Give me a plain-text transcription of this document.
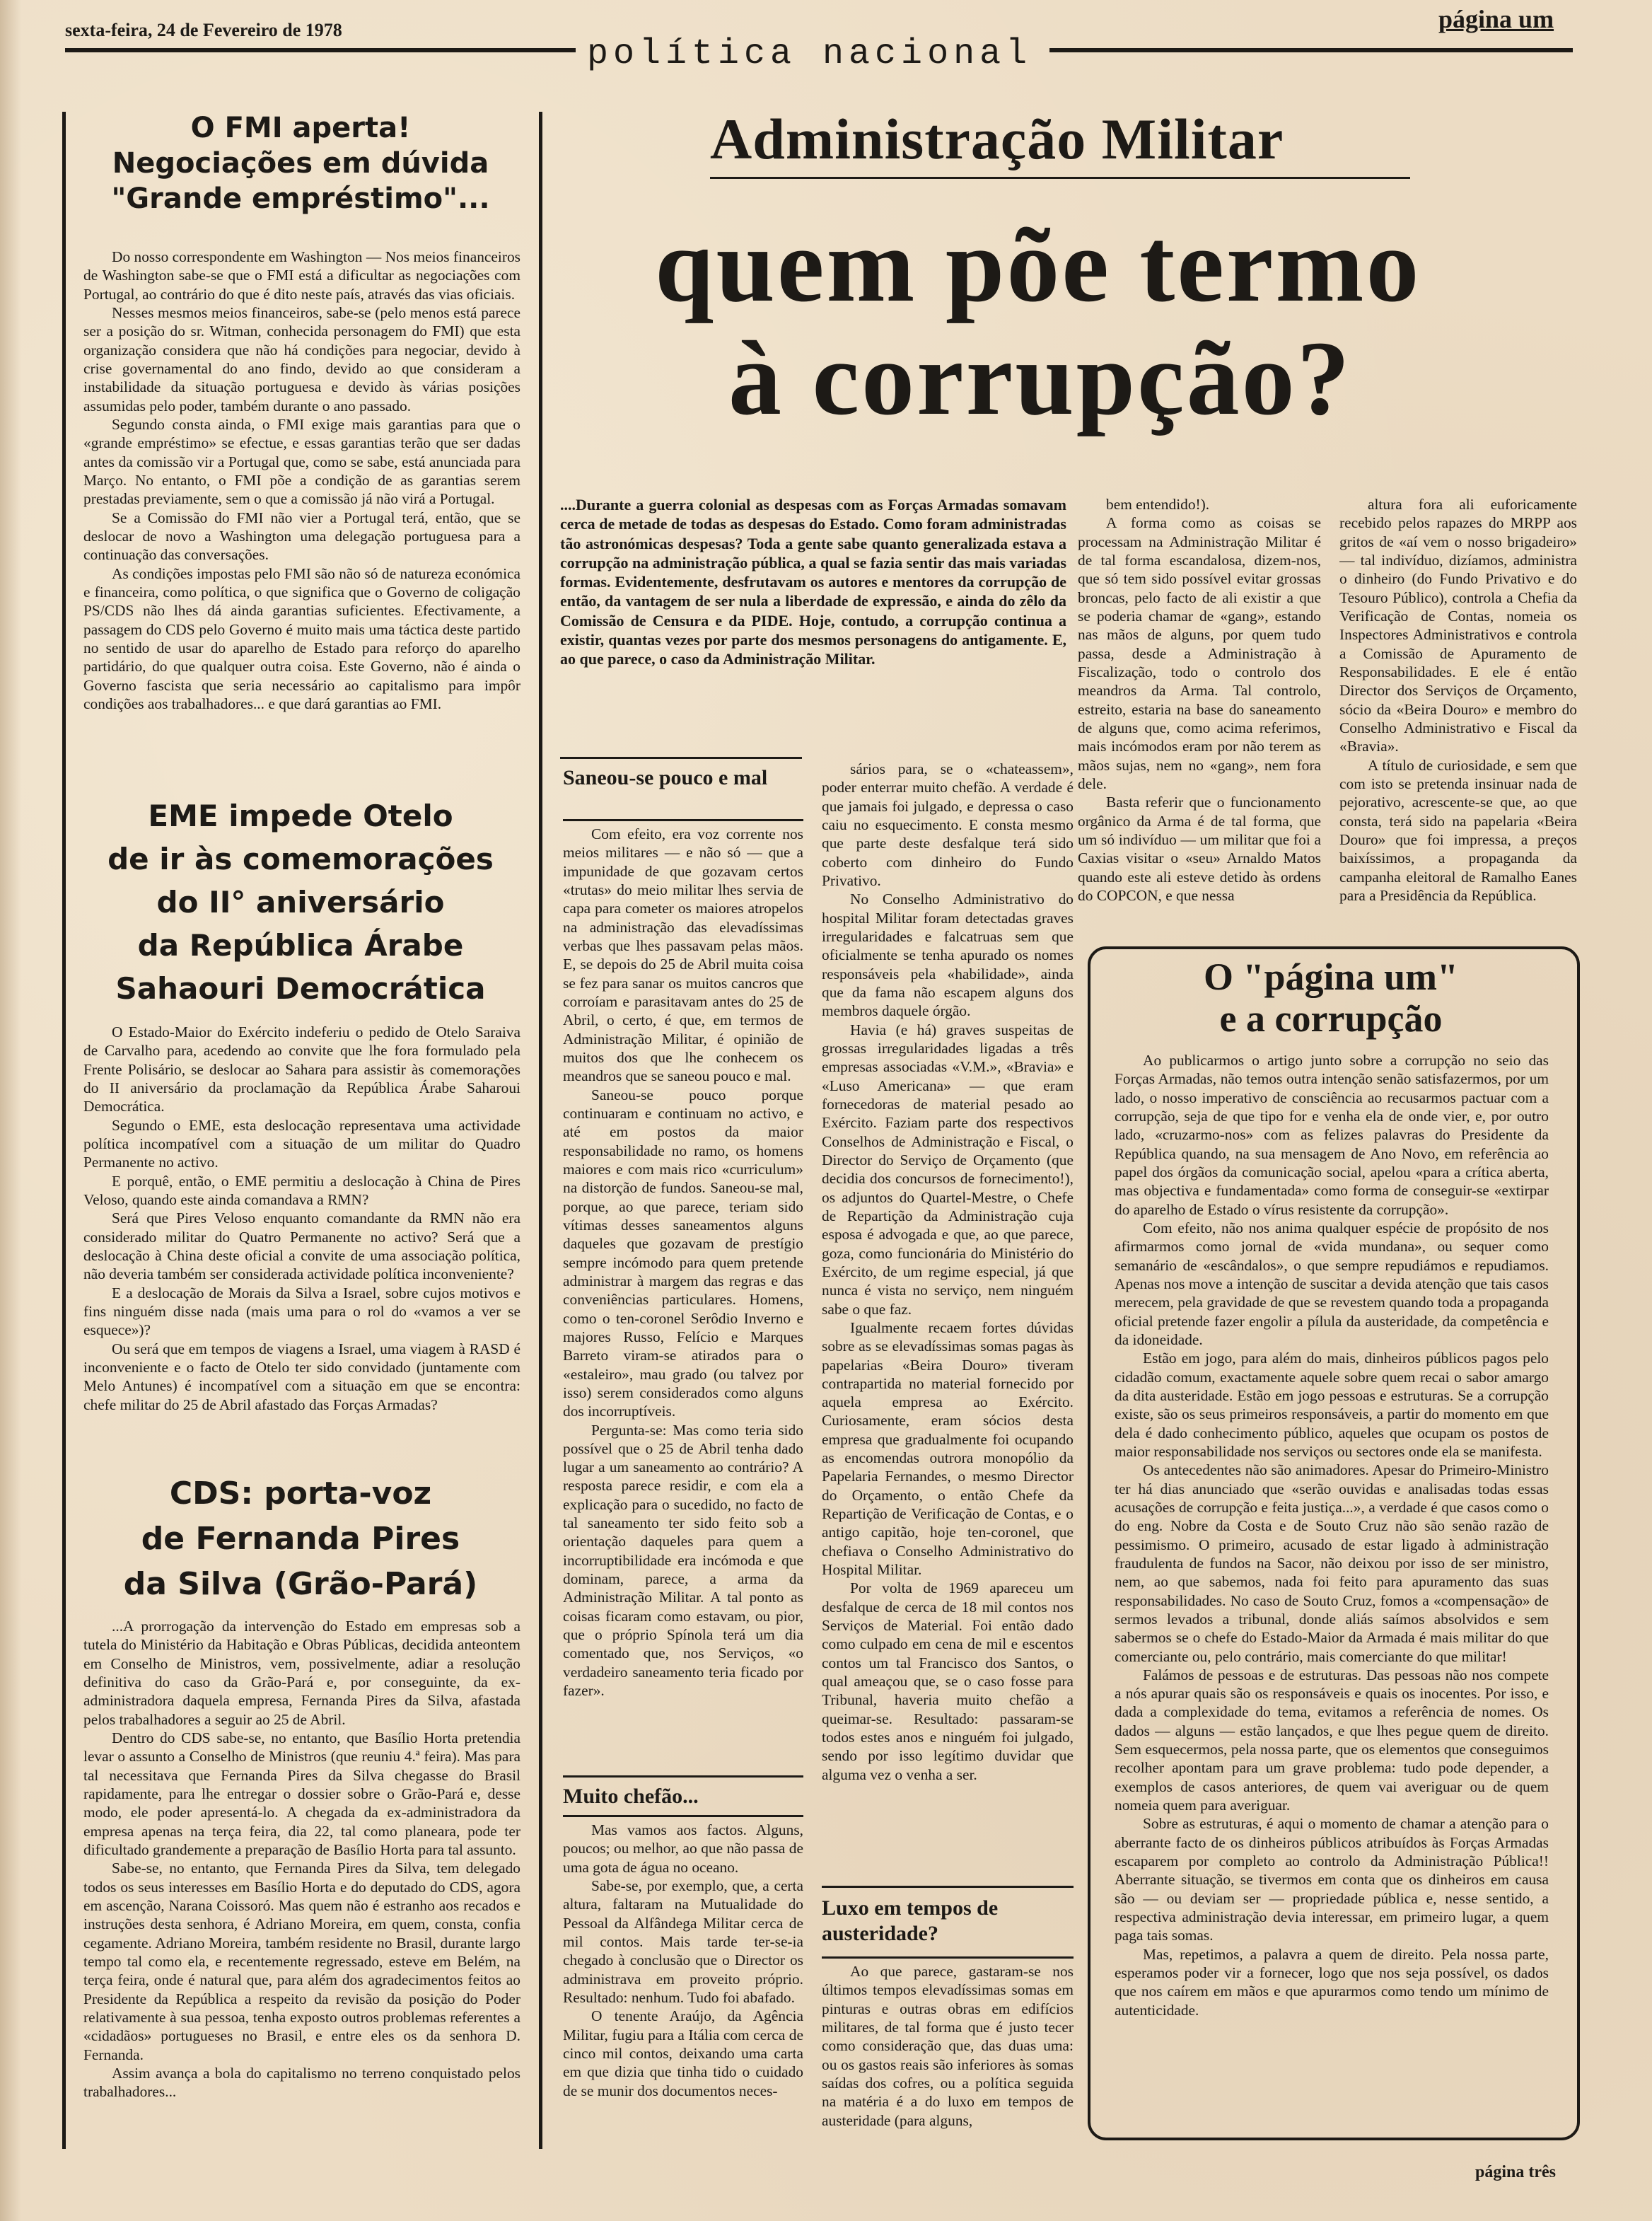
sexta-feira, 24 de Fevereiro de 1978	página um
política nacional
O FMI aperta!
Negociações em dúvida
"Grande empréstimo"...

Do nosso correspondente em Washington — Nos meios financeiros de Washington sabe-se que o FMI está a dificultar as negociações com Portugal, ao contrário do que é dito neste país, através das vias oficiais.

Nesses mesmos meios financeiros, sabe-se (pelo menos está parece ser a posição do sr. Witman, conhecida personagem do FMI) que esta organização considera que não há condições para negociar, devido à crise governamental do ano findo, devido ao que consideram a instabilidade da situação portuguesa e devido às várias posições assumidas pelo poder, também durante o ano passado.

Segundo consta ainda, o FMI exige mais garantias para que o «grande empréstimo» se efectue, e essas garantias terão que ser dadas antes da comissão vir a Portugal que, como se sabe, está anunciada para Março. No entanto, o FMI põe a condição de as garantias serem prestadas previamente, sem o que a comissão já não virá a Portugal.

Se a Comissão do FMI não vier a Portugal terá, então, que se deslocar de novo a Washington uma delegação portuguesa para a continuação das conversações.

As condições impostas pelo FMI são não só de natureza económica e financeira, como política, o que significa que o Governo de coligação PS/CDS não lhes dá ainda garantias suficientes. Efectivamente, a passagem do CDS pelo Governo é muito mais uma táctica deste partido no sentido de usar do aparelho de Estado para reforço do aparelho partidário, do que qualquer outra coisa. Este Governo, não é ainda o Governo fascista que seria necessário ao capitalismo para impôr condições aos trabalhadores... e que dará garantias ao FMI.

EME impede Otelo
de ir às comemorações
do II° aniversário
da República Árabe
Sahaouri Democrática

O Estado-Maior do Exército indeferiu o pedido de Otelo Saraiva de Carvalho para, acedendo ao convite que lhe fora formulado pela Frente Polisário, se deslocar ao Sahara para assistir às comemorações do II aniversário da proclamação da República Árabe Saharoui Democrática.

Segundo o EME, esta deslocação representava uma actividade política incompatível com a situação de um militar do Quadro Permanente no activo.

E porquê, então, o EME permitiu a deslocação à China de Pires Veloso, quando este ainda comandava a RMN?

Será que Pires Veloso enquanto comandante da RMN não era considerado militar do Quatro Permanente no activo? Será que a deslocação à China deste oficial a convite de uma associação política, não deveria também ser considerada actividade política inconveniente?

E a deslocação de Morais da Silva a Israel, sobre cujos motivos e fins ninguém disse nada (mais uma para o rol do «vamos a ver se esquece»)?

Ou será que em tempos de viagens a Israel, uma viagem à RASD é inconveniente e o facto de Otelo ter sido convidado (juntamente com Melo Antunes) é incompatível com a situação em que se encontra: chefe militar do 25 de Abril afastado das Forças Armadas?

CDS: porta-voz
de Fernanda Pires
da Silva (Grão-Pará)

...A prorrogação da intervenção do Estado em empresas sob a tutela do Ministério da Habitação e Obras Públicas, decidida anteontem em Conselho de Ministros, vem, possivelmente, adiar a resolução definitiva do caso da Grão-Pará e, por conseguinte, da ex-administradora daquela empresa, Fernanda Pires da Silva, afastada pelos trabalhadores a seguir ao 25 de Abril.

Dentro do CDS sabe-se, no entanto, que Basílio Horta pretendia levar o assunto a Conselho de Ministros (que reuniu 4.ª feira). Mas para tal necessitava que Fernanda Pires da Silva chegasse do Brasil rapidamente, para lhe entregar o dossier sobre o Grão-Pará e, desse modo, ele poder apresentá-lo. A chegada da ex-administradora da empresa apenas na terça feira, dia 22, tal como planeara, pode ter dificultado grandemente a preparação de Basílio Horta para tal assunto.

Sabe-se, no entanto, que Fernanda Pires da Silva, tem delegado todos os seus interesses em Basílio Horta e do deputado do CDS, agora em ascenção, Narana Coissoró. Mas quem não é estranho aos recados e instruções desta senhora, é Adriano Moreira, em quem, consta, confia cegamente. Adriano Moreira, também residente no Brasil, durante largo tempo tal como ela, e recentemente regressado, esteve em Belém, na terça feira, onde é natural que, para além dos agradecimentos feitos ao Presidente da República a respeito da revisão da posição do Poder relativamente à sua pessoa, tenha exposto outros problemas referentes a «cidadãos» portugueses no Brasil, e entre eles os da senhora D. Fernanda.

Assim avança a bola do capitalismo no terreno conquistado pelos trabalhadores...

Administração Militar
quem põe termo
à corrupção?
....Durante a guerra colonial as despesas com as Forças Armadas somavam cerca de metade de todas as despesas do Estado. Como foram administradas tão astronómicas despesas? Toda a gente sabe quanto generalizada estava a corrupção na administração pública, a qual se fazia sentir das mais variadas formas. Evidentemente, desfrutavam os autores e mentores da corrupção de então, da vantagem de ser nula a liberdade de expressão, e ainda do zêlo da Comissão de Censura e da PIDE. Hoje, contudo, a corrupção continua a existir, quantas vezes por parte dos mesmos personagens do antigamente. E, ao que parece, o caso da Administração Militar.
Saneou-se pouco e mal

Com efeito, era voz corrente nos meios militares — e não só — que a impunidade de que gozavam certos «trutas» do meio militar lhes servia de capa para cometer os maiores atropelos na administração das elevadíssimas verbas que lhes passavam pelas mãos. E, se depois do 25 de Abril muita coisa se fez para sanar os muitos cancros que corroíam e parasitavam antes do 25 de Abril, o certo, é que, em termos de Administração Militar, é opinião de muitos dos que lhe conhecem os meandros que se saneou pouco e mal.

Saneou-se pouco porque continuaram e continuam no activo, e até em postos da maior responsabilidade no ramo, os homens maiores e com mais rico «curriculum» na distorção de fundos. Saneou-se mal, porque, ao que parece, teriam sido vítimas desses saneamentos alguns daqueles que gozavam de prestígio sempre incómodo para quem pretende administrar à margem das regras e das conveniências particulares. Homens, como o ten-coronel Serôdio Inverno e majores Russo, Felício e Marques Barreto viram-se atirados para o «estaleiro», mau grado (ou talvez por isso) serem considerados como alguns dos incorruptíveis.

Pergunta-se: Mas como teria sido possível que o 25 de Abril tenha dado lugar a um saneamento ao contrário? A resposta parece residir, e com ela a explicação para o sucedido, no facto de tal saneamento ter sido feito sob a orientação daqueles para quem a incorruptibilidade era incómoda e que dominam, parece, a arma da Administração Militar. A tal ponto as coisas ficaram como estavam, ou pior, que o próprio Spínola terá um dia comentado que, nos Serviços, «o verdadeiro saneamento teria ficado por fazer».

Muito chefão...

Mas vamos aos factos. Alguns, poucos; ou melhor, ao que não passa de uma gota de água no oceano.

Sabe-se, por exemplo, que, a certa altura, faltaram na Mutualidade do Pessoal da Alfândega Militar cerca de mil contos. Mais tarde ter-se-ia chegado à conclusão que o Director os administrava em proveito próprio. Resultado: nenhum. Tudo foi abafado.

O tenente Araújo, da Agência Militar, fugiu para a Itália com cerca de cinco mil contos, deixando uma carta em que dizia que tinha tido o cuidado de se munir dos documentos neces-

sários para, se o «chateassem», poder enterrar muito chefão. A verdade é que jamais foi julgado, e depressa o caso caiu no esquecimento. E consta mesmo que parte deste desfalque terá sido coberto com dinheiro do Fundo Privativo.

No Conselho Administrativo do hospital Militar foram detectadas graves irregularidades e falcatruas sem que oficialmente se tenha apurado os nomes responsáveis pela «habilidade», ainda que da fama não escapem alguns dos membros daquele órgão.

Havia (e há) graves suspeitas de grossas irregularidades ligadas a três empresas associadas «V.M.», «Bravia» e «Luso Americana» — que eram fornecedoras de material pesado ao Exército. Faziam parte dos respectivos Conselhos de Administração e Fiscal, o Director do Serviço de Orçamento (que decidia dos concursos de fornecimento!), os adjuntos do Quartel-Mestre, o Chefe de Repartição da Administração cuja esposa é advogada e que, ao que parece, goza, como funcionária do Ministério do Exército, de um regime especial, já que nunca é vista no serviço, nem ninguém sabe o que faz.

Igualmente recaem fortes dúvidas sobre as se elevadíssimas somas pagas às papelarias «Beira Douro» tiveram contrapartida no material fornecido por aquela empresa ao Exército. Curiosamente, eram sócios desta empresa que gradualmente foi ocupando as encomendas outrora monopólio da Papelaria Fernandes, o mesmo Director do Orçamento, o então Chefe da Repartição de Verificação de Contas, e o antigo capitão, hoje ten-coronel, que chefiava o Conselho Administrativo do Hospital Militar.

Por volta de 1969 apareceu um desfalque de cerca de 18 mil contos nos Serviços de Material. Foi então dado como culpado em cena de mil e escentos contos um tal Francisco dos Santos, o qual ameaçou que, se o caso fosse para Tribunal, haveria muito chefão a queimar-se. Resultado: passaram-se todos estes anos e ninguém foi julgado, sendo por isso legítimo duvidar que alguma vez o venha a ser.

Luxo em tempos de austeridade?

Ao que parece, gastaram-se nos últimos tempos elevadíssimas somas em pinturas e outras obras em edifícios militares, de tal forma que é justo tecer como consideração que, das duas uma: ou os gastos reais são inferiores às somas saídas dos cofres, ou a política seguida na matéria é a do luxo em tempos de austeridade (para alguns,

bem entendido!).

A forma como as coisas se processam na Administração Militar é de tal forma escandalosa, dizem-nos, que só tem sido possível evitar grossas broncas, pelo facto de ali existir a que se poderia chamar de «gang», estando nas mãos de alguns, por quem tudo passa, desde a Administração à Fiscalização, todo o controlo dos meandros da Arma. Tal controlo, estreito, estaria na base do saneamento de alguns que, como acima referimos, mais incómodos eram por não terem as mãos sujas, nem no «gang», nem fora dele.

Basta referir que o funcionamento orgânico da Arma é de tal forma, que um só indivíduo — um militar que foi a Caxias visitar o «seu» Arnaldo Matos quando este ali esteve detido às ordens do COPCON, e que nessa

altura fora ali euforicamente recebido pelos rapazes do MRPP aos gritos de «aí vem o nosso brigadeiro» — tal indivíduo, dizíamos, administra o dinheiro (do Fundo Privativo e do Tesouro Público), controla a Chefia da Verificação de Contas, nomeia os Inspectores Administrativos e controla a Comissão de Apuramento de Responsabilidades. E ele é então Director dos Serviços de Orçamento, sócio da «Beira Douro» e membro do Conselho Administrativo e Fiscal da «Bravia».

A título de curiosidade, e sem que com isto se pretenda insinuar nada de pejorativo, acrescente-se que, ao que consta, terá sido na papelaria «Beira Douro» que foi impressa, a preços baixíssimos, a propaganda da campanha eleitoral de Ramalho Eanes para a Presidência da República.

O "página um"
e a corrupção

Ao publicarmos o artigo junto sobre a corrupção no seio das Forças Armadas, não temos outra intenção senão satisfazermos, por um lado, o nosso imperativo de consciência ao recusarmos pactuar com a corrupção, seja de que tipo for e venha ela de onde vier, e, por outro lado, «cruzarmo-nos» com as felizes palavras do Presidente da República quando, na sua mensagem de Ano Novo, em referência ao papel dos órgãos da comunicação social, apelou «para a crítica aberta, mas objectiva e fundamentada» como forma de conseguir-se «extirpar do aparelho de Estado o vírus resistente da corrupção».

Com efeito, não nos anima qualquer espécie de propósito de nos afirmarmos como jornal de «vida mundana», ou sequer como semanário de «escândalos», o que sempre repudiámos e repudiamos. Apenas nos move a intenção de suscitar a devida atenção que tais casos merecem, pela gravidade de que se revestem quando toda a propaganda oficial pretende fazer engolir a pílula da austeridade, da competência e da idoneidade.

Estão em jogo, para além do mais, dinheiros públicos pagos pelo cidadão comum, exactamente aquele sobre quem recai o sabor amargo da dita austeridade. Estão em jogo pessoas e estruturas. Se a corrupção existe, são os seus primeiros responsáveis, a partir do momento em que dela é dado conhecimento público, aqueles que ocupam os postos de maior responsabilidade nos serviços ou sectores onde ela se manifesta.

Os antecedentes não são animadores. Apesar do Primeiro-Ministro ter há dias anunciado que «serão ouvidas e analisadas todas essas acusações de corrupção e feita justiça...», a verdade é que casos como o do eng. Nobre da Costa e de Souto Cruz não são senão razão de pessimismo. O primeiro, acusado de estar ligado à administração fraudulenta de fundos na Sacor, não deixou por isso de ser ministro, nem, ao que sabemos, nada foi feito para apuramento das suas responsabilidades. No caso de Souto Cruz, fomos a «compensação» de sermos levados a tribunal, donde aliás saímos absolvidos e sem sabermos se o chefe do Estado-Maior da Armada é mais militar do que comerciante ou, pelo contrário, mais comerciante do que militar!

Falámos de pessoas e de estruturas. Das pessoas não nos compete a nós apurar quais são os responsáveis e quais os inocentes. Por isso, e dada a complexidade do tema, evitamos a referência de nomes. Os dados — alguns — estão lançados, e que lhes pegue quem de direito. Sem esquecermos, pela nossa parte, que os elementos que conseguimos recolher apontam para um grave problema: tudo pode depender, a exemplos de casos anteriores, de quem vai averiguar ou de quem nomeia quem para averiguar.

Sobre as estruturas, é aqui o momento de chamar a atenção para o aberrante facto de os dinheiros públicos atribuídos às Forças Armadas escaparem por completo ao controlo da Administração Pública!! Aberrante situação, se tivermos em conta que os dinheiros em causa são — ou deviam ser — propriedade pública e, nesse sentido, a respectiva administração devia interessar, em primeiro lugar, a quem paga tais somas.

Mas, repetimos, a palavra a quem de direito. Pela nossa parte, esperamos poder vir a fornecer, logo que nos seja possível, os dados que nos caírem em mãos e que apurarmos como tendo um mínimo de autenticidade.

página três
